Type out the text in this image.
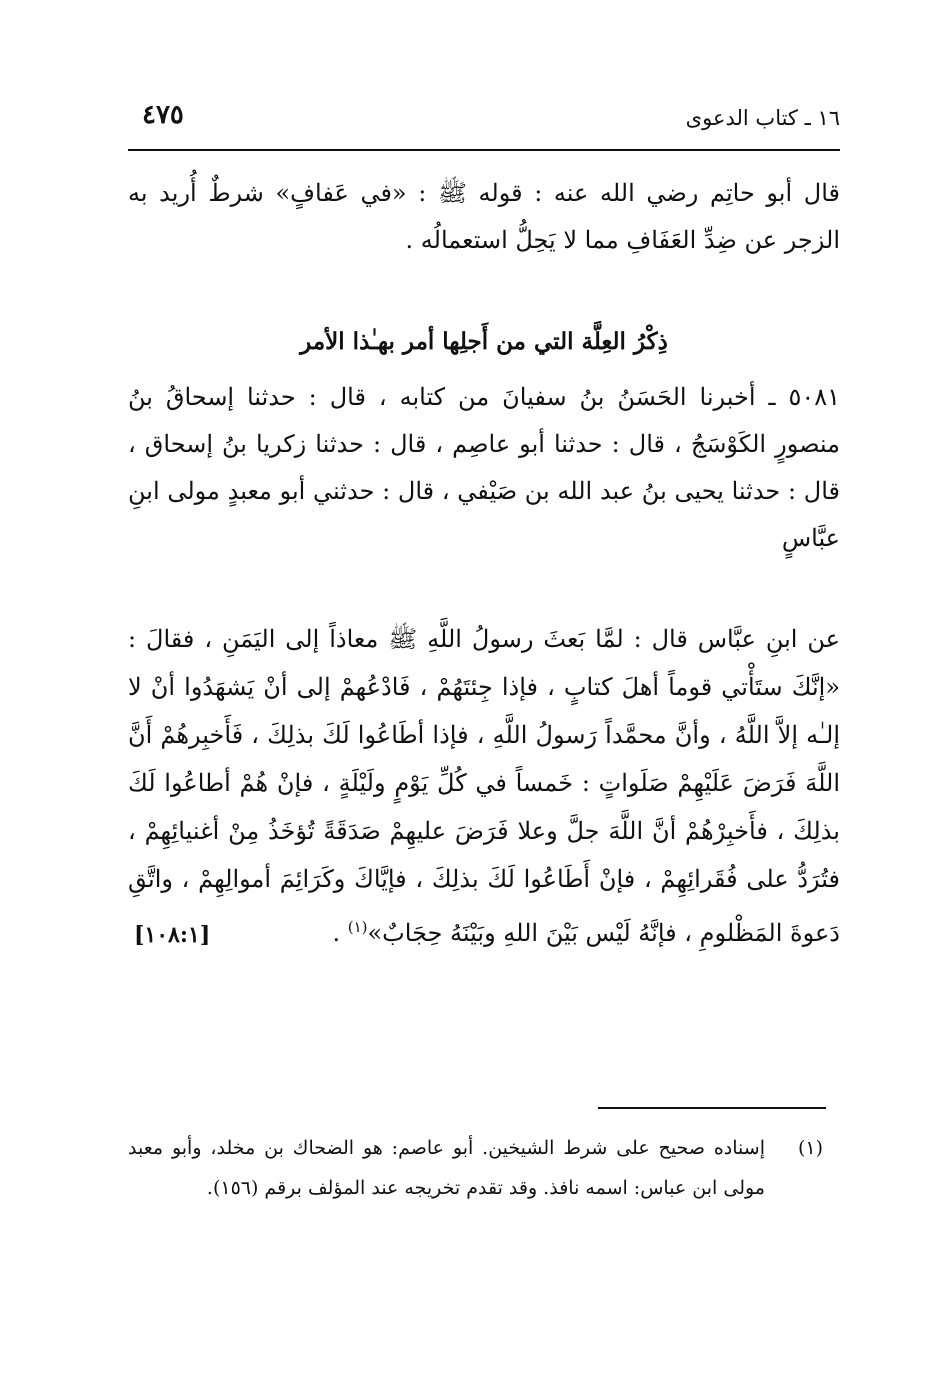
٤٧٥	١٦ ـ كتاب الدعوى

قال أبو حاتِم رضي الله عنه : قوله ﷺ : «في عَفافٍ» شرطٌ أُريد به الزجر عن ضِدِّ العَفَافِ مما لا يَحِلُّ استعمالُه .

ذِكْرُ العِلَّة التي من أَجلِها أمر بهـٰذا الأمر

٥٠٨١ ـ أخبرنا الحَسَنُ بنُ سفيانَ من كتابه ، قال : حدثنا إسحاقُ بنُ منصورٍ الكَوْسَجُ ، قال : حدثنا أبو عاصِم ، قال : حدثنا زكريا بنُ إسحاق ، قال : حدثنا يحيى بنُ عبد الله بن صَيْفي ، قال : حدثني أبو معبدٍ مولى ابنِ عبَّاسٍ

عن ابنِ عبَّاس قال : لمَّا بَعثَ رسولُ اللَّهِ ﷺ معاذاً إلى اليَمَنِ ، فقالَ : «إنَّكَ ستَأْتي قوماً أهلَ كتابٍ ، فإذا جِئتَهُمْ ، فَادْعُهمْ إلى أنْ يَشهَدُوا أنْ لا إلـٰه إلاَّ اللَّهُ ، وأنَّ محمَّداً رَسولُ اللَّهِ ، فإذا أطَاعُوا لَكَ بذلِكَ ، فَأَخبِرهُمْ أَنَّ اللَّهَ فَرَضَ عَلَيْهِمْ صَلَواتٍ : خَمساً في كُلِّ يَوْمٍ ولَيْلَةٍ ، فإنْ هُمْ أطاعُوا لَكَ بذلِكَ ، فأَخبِرْهُمْ أنَّ اللَّهَ جلَّ وعلا فَرَضَ عليهِمْ صَدَقَةً تُؤخَذُ مِنْ أغنيائِهِمْ ، فتُرَدُّ على فُقَرائِهِمْ ، فإنْ أَطَاعُوا لَكَ بذلِكَ ، فإيَّاكَ وكَرَائِمَ أموالِهِمْ ، واتَّقِ دَعوةَ المَظْلومِ ، فإنَّهُ لَيْس بَيْنَ اللهِ وبَيْنَهُ حِجَابٌ»$^{(١)}$ .
[١٠٨:١]

(١)
إسناده صحيح على شرط الشيخين. أبو عاصم: هو الضحاك بن مخلد، وأبو معبد مولى ابن عباس: اسمه نافذ. وقد تقدم تخريجه عند المؤلف برقم (١٥٦).
